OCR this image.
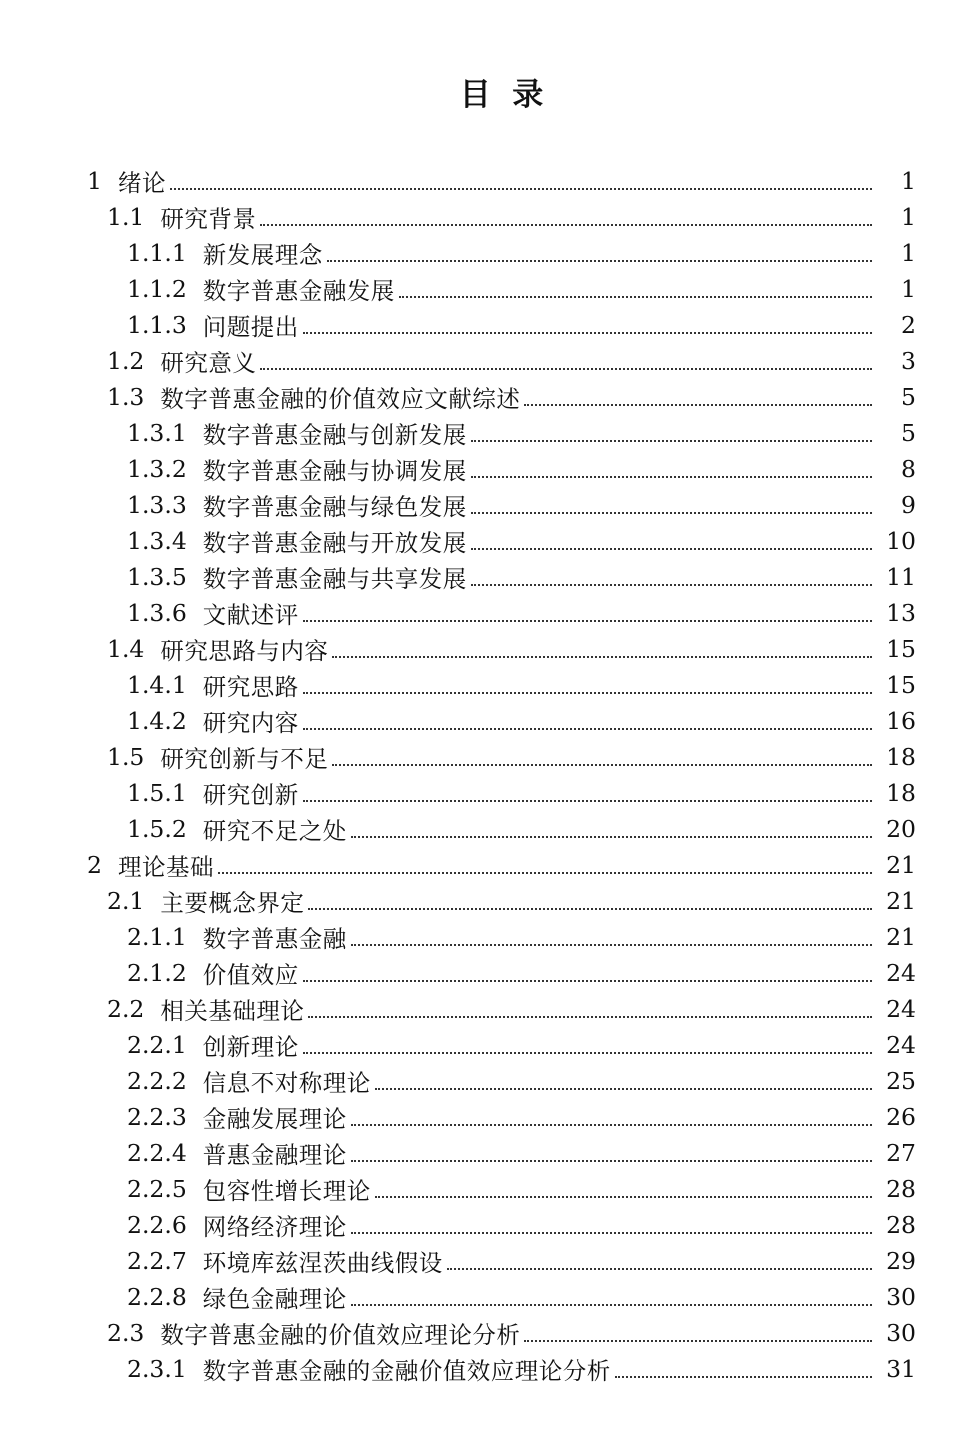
目  录
1 绪论	1
1.1 研究背景	1
1.1.1 新发展理念	1
1.1.2 数字普惠金融发展	1
1.1.3 问题提出	2
1.2 研究意义	3
1.3 数字普惠金融的价值效应文献综述	5
1.3.1 数字普惠金融与创新发展	5
1.3.2 数字普惠金融与协调发展	8
1.3.3 数字普惠金融与绿色发展	9
1.3.4 数字普惠金融与开放发展	10
1.3.5 数字普惠金融与共享发展	11
1.3.6 文献述评	13
1.4 研究思路与内容	15
1.4.1 研究思路	15
1.4.2 研究内容	16
1.5 研究创新与不足	18
1.5.1 研究创新	18
1.5.2 研究不足之处	20
2 理论基础	21
2.1 主要概念界定	21
2.1.1 数字普惠金融	21
2.1.2 价值效应	24
2.2 相关基础理论	24
2.2.1 创新理论	24
2.2.2 信息不对称理论	25
2.2.3 金融发展理论	26
2.2.4 普惠金融理论	27
2.2.5 包容性增长理论	28
2.2.6 网络经济理论	28
2.2.7 环境库兹涅茨曲线假设	29
2.2.8 绿色金融理论	30
2.3 数字普惠金融的价值效应理论分析	30
2.3.1 数字普惠金融的金融价值效应理论分析	31
